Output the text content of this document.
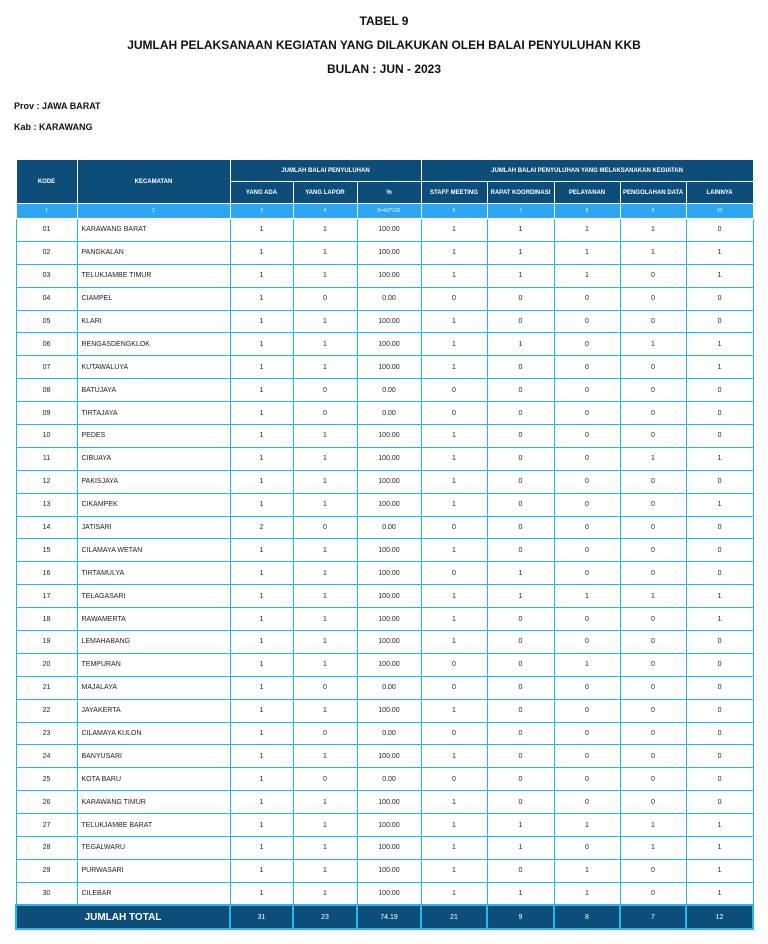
TABEL 9
JUMLAH PELAKSANAAN KEGIATAN YANG DILAKUKAN OLEH BALAI PENYULUHAN KKB
BULAN : JUN - 2023
Prov : JAWA BARAT
Kab : KARAWANG
KODE	KECAMATAN	JUMLAH BALAI PENYULUHAN			JUMLAH BALAI PENYULUHAN YANG MELAKSANAKAN KEGIATAN				
		YANG ADA	YANG LAPOR	%	STAFF MEETING	RAPAT KOORDINASI	PELAYANAN	PENGOLAHAN DATA	LAINNYA
1	2	3	4	5=4/3*100	6	7	8	9	10
01	KARAWANG BARAT	1	1	100.00	1	1	1	1	0
02	PANGKALAN	1	1	100.00	1	1	1	1	1
03	TELUKJAMBE TIMUR	1	1	100.00	1	1	1	0	1
04	CIAMPEL	1	0	0.00	0	0	0	0	0
05	KLARI	1	1	100.00	1	0	0	0	0
06	RENGASDENGKLOK	1	1	100.00	1	1	0	1	1
07	KUTAWALUYA	1	1	100.00	1	0	0	0	1
08	BATUJAYA	1	0	0.00	0	0	0	0	0
09	TIRTAJAYA	1	0	0.00	0	0	0	0	0
10	PEDES	1	1	100.00	1	0	0	0	0
11	CIBUAYA	1	1	100.00	1	0	0	1	1
12	PAKISJAYA	1	1	100.00	1	0	0	0	0
13	CIKAMPEK	1	1	100.00	1	0	0	0	1
14	JATISARI	2	0	0.00	0	0	0	0	0
15	CILAMAYA WETAN	1	1	100.00	1	0	0	0	0
16	TIRTAMULYA	1	1	100.00	0	1	0	0	0
17	TELAGASARI	1	1	100.00	1	1	1	1	1
18	RAWAMERTA	1	1	100.00	1	0	0	0	1
19	LEMAHABANG	1	1	100.00	1	0	0	0	0
20	TEMPURAN	1	1	100.00	0	0	1	0	0
21	MAJALAYA	1	0	0.00	0	0	0	0	0
22	JAYAKERTA	1	1	100.00	1	0	0	0	0
23	CILAMAYA KULON	1	0	0.00	0	0	0	0	0
24	BANYUSARI	1	1	100.00	1	0	0	0	0
25	KOTA BARU	1	0	0.00	0	0	0	0	0
26	KARAWANG TIMUR	1	1	100.00	1	0	0	0	0
27	TELUKJAMBE BARAT	1	1	100.00	1	1	1	1	1
28	TEGALWARU	1	1	100.00	1	1	0	1	1
29	PURWASARI	1	1	100.00	1	0	1	0	1
30	CILEBAR	1	1	100.00	1	1	1	0	1
JUMLAH TOTAL		31	23	74.19	21	9	8	7	12
